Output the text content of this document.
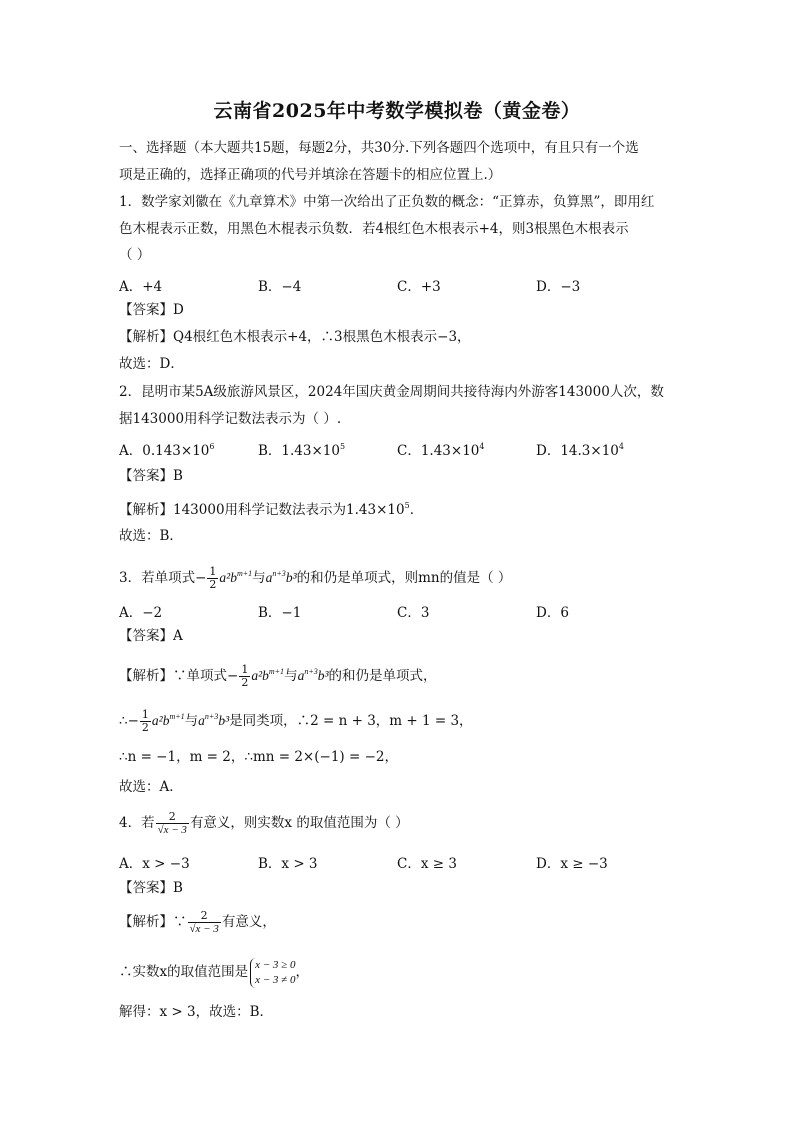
云南省2025年中考数学模拟卷（黄金卷）
一、选择题（本大题共15题，每题2分，共30分.下列各题四个选项中，有且只有一个选
项是正确的，选择正确项的代号并填涂在答题卡的相应位置上.）
1．数学家刘徽在《九章算术》中第一次给出了正负数的概念：“正算赤，负算黑”，即用红
色木棍表示正数，用黑色木棍表示负数．若4根红色木根表示+4，则3根黑色木根表示
（ ）
A．+4	B．−4	C．+3	D．−3
【答案】D
【解析】Q4根红色木根表示+4，∴3根黑色木根表示−3，
故选：D．
2．昆明市某5A级旅游风景区，2024年国庆黄金周期间共接待海内外游客143000人次，数
据143000用科学记数法表示为（ ）.
A．$0.143\times 10^6$	B．$1.43\times 10^5$	C．$1.43\times 10^4$	D．$14.3\times 10^4$
【答案】B
【解析】143000用科学记数法表示为$1.43\times 10^5$．
故选：B．
3．若单项式− $\frac{1}{2} a^2b^{m+1}$与$a^{n+3}b^3$的和仍是单项式，则mn的值是（ ）
A．−2	B．−1	C．3	D．6
【答案】A
【解析】∵单项式− $\frac{1}{2} a^2b^{m+1}$与$a^{n+3}b^3$的和仍是单项式，
∴− $\frac{1}{2} a^2b^{m+1}$与$a^{n+3}b^3$是同类项，∴2 = n + 3，m + 1 = 3，
∴n = −1，m = 2，∴mn = 2×(−1) = −2，
故选：A．
4．若 $\frac{2}{√x - 3}$ 有意义，则实数x 的取值范围为（ ）
A．x > −3	B．x > 3	C．x ≥ 3	D．x ≥ −3
【答案】B
【解析】∵ $\frac{2}{√x - 3}$ 有意义，
∴实数x的取值范围是 x − 3 ≥ 0
x − 3 ≠ 0 ，
解得：x > 3，故选：B．
